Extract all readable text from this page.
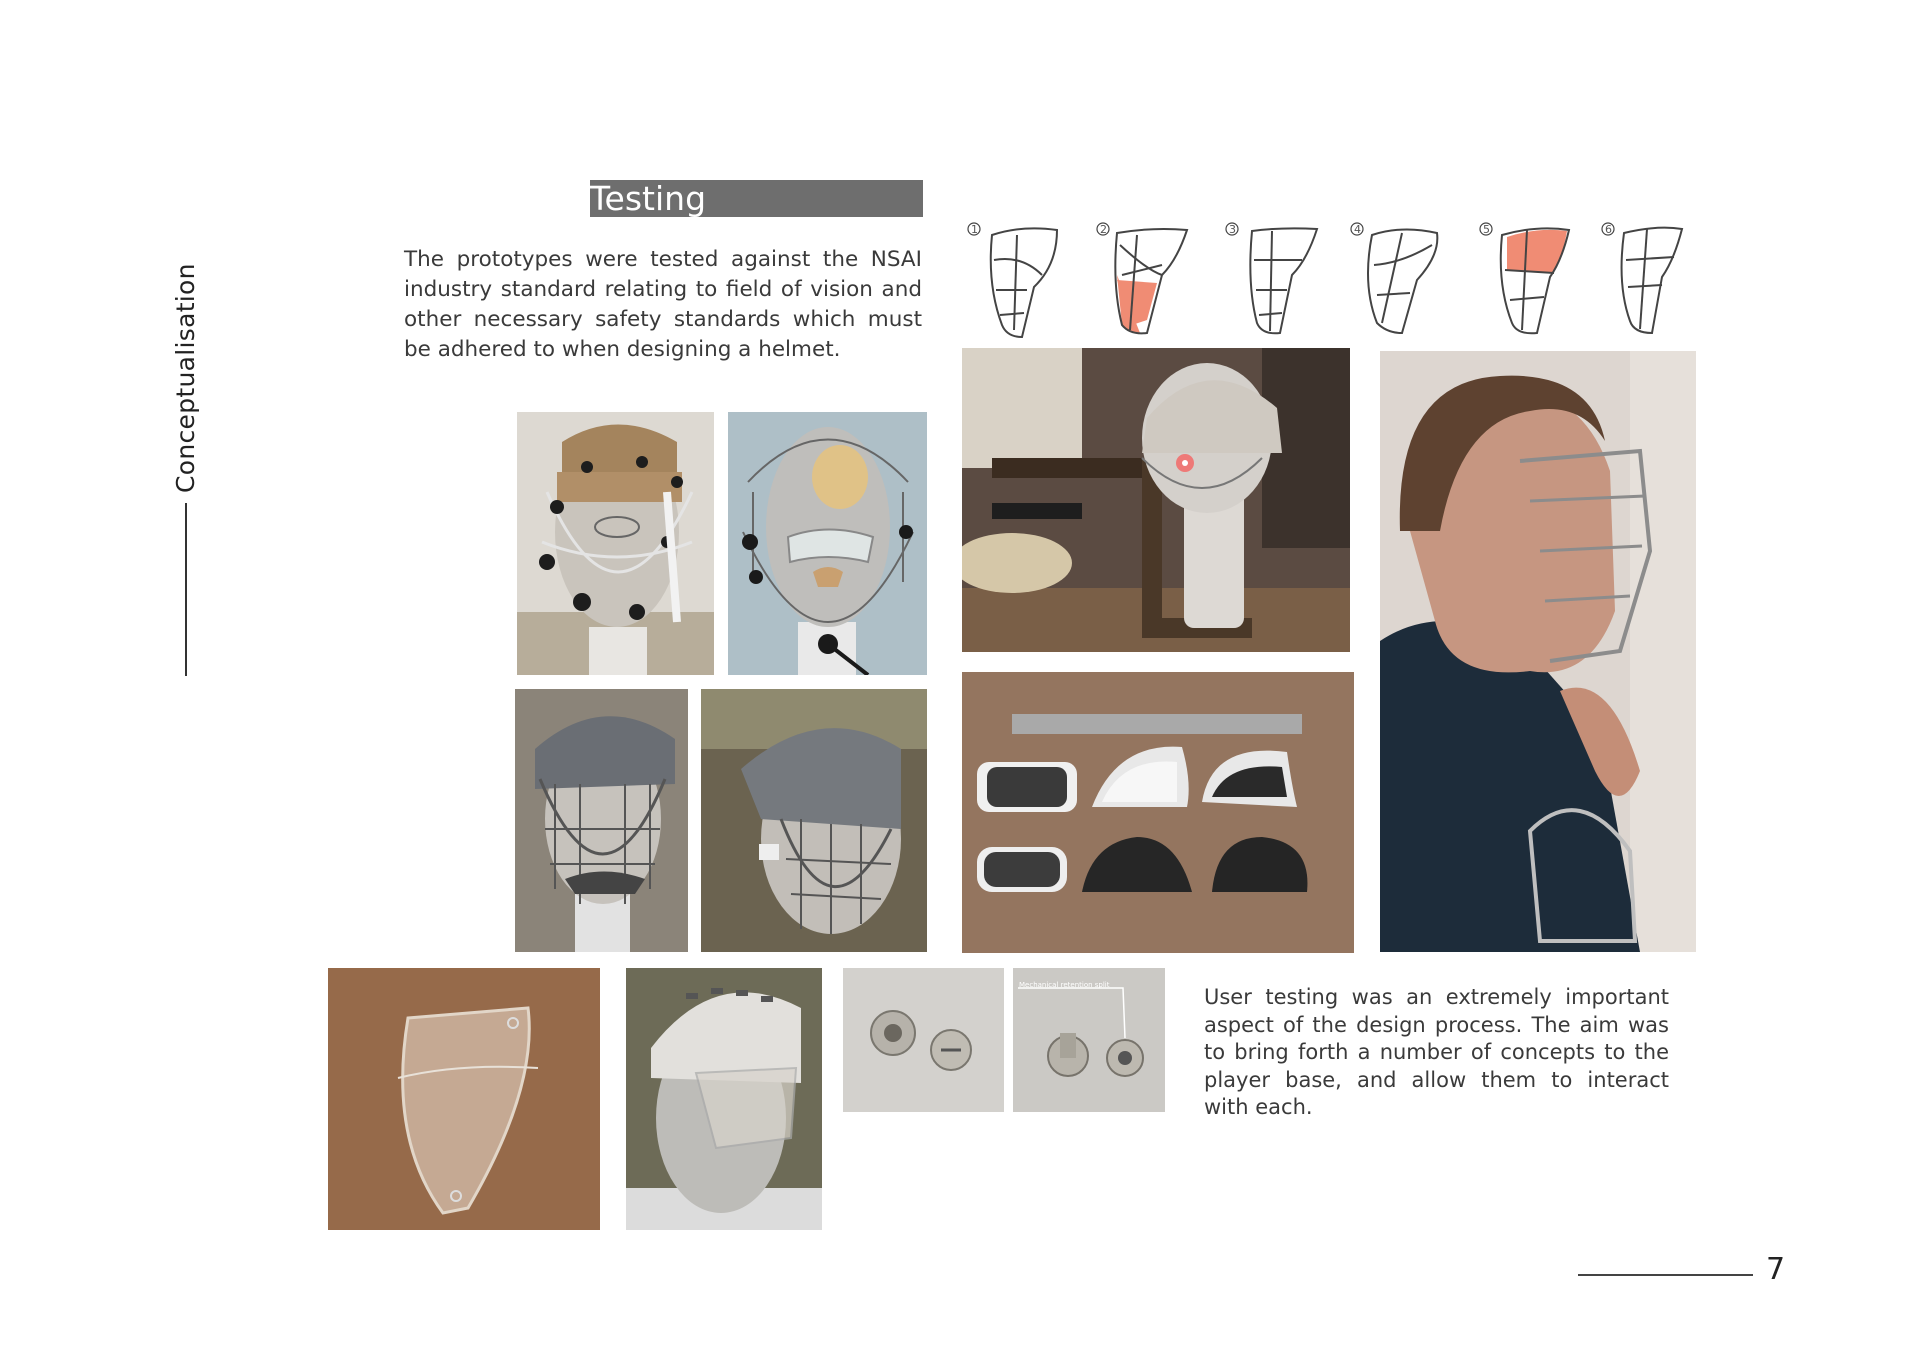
Conceptualisation
Testing

The prototypes were tested against the NSAI industry standard relating to field of vision and other necessary safety standards which must be adhered to when designing a helmet.

1	2	3	4	5	6
Mechanical retention split	User testing was an extremely important aspect of the design process. The aim was to bring forth a number of concepts to the player base, and allow them to interact with each.

7
